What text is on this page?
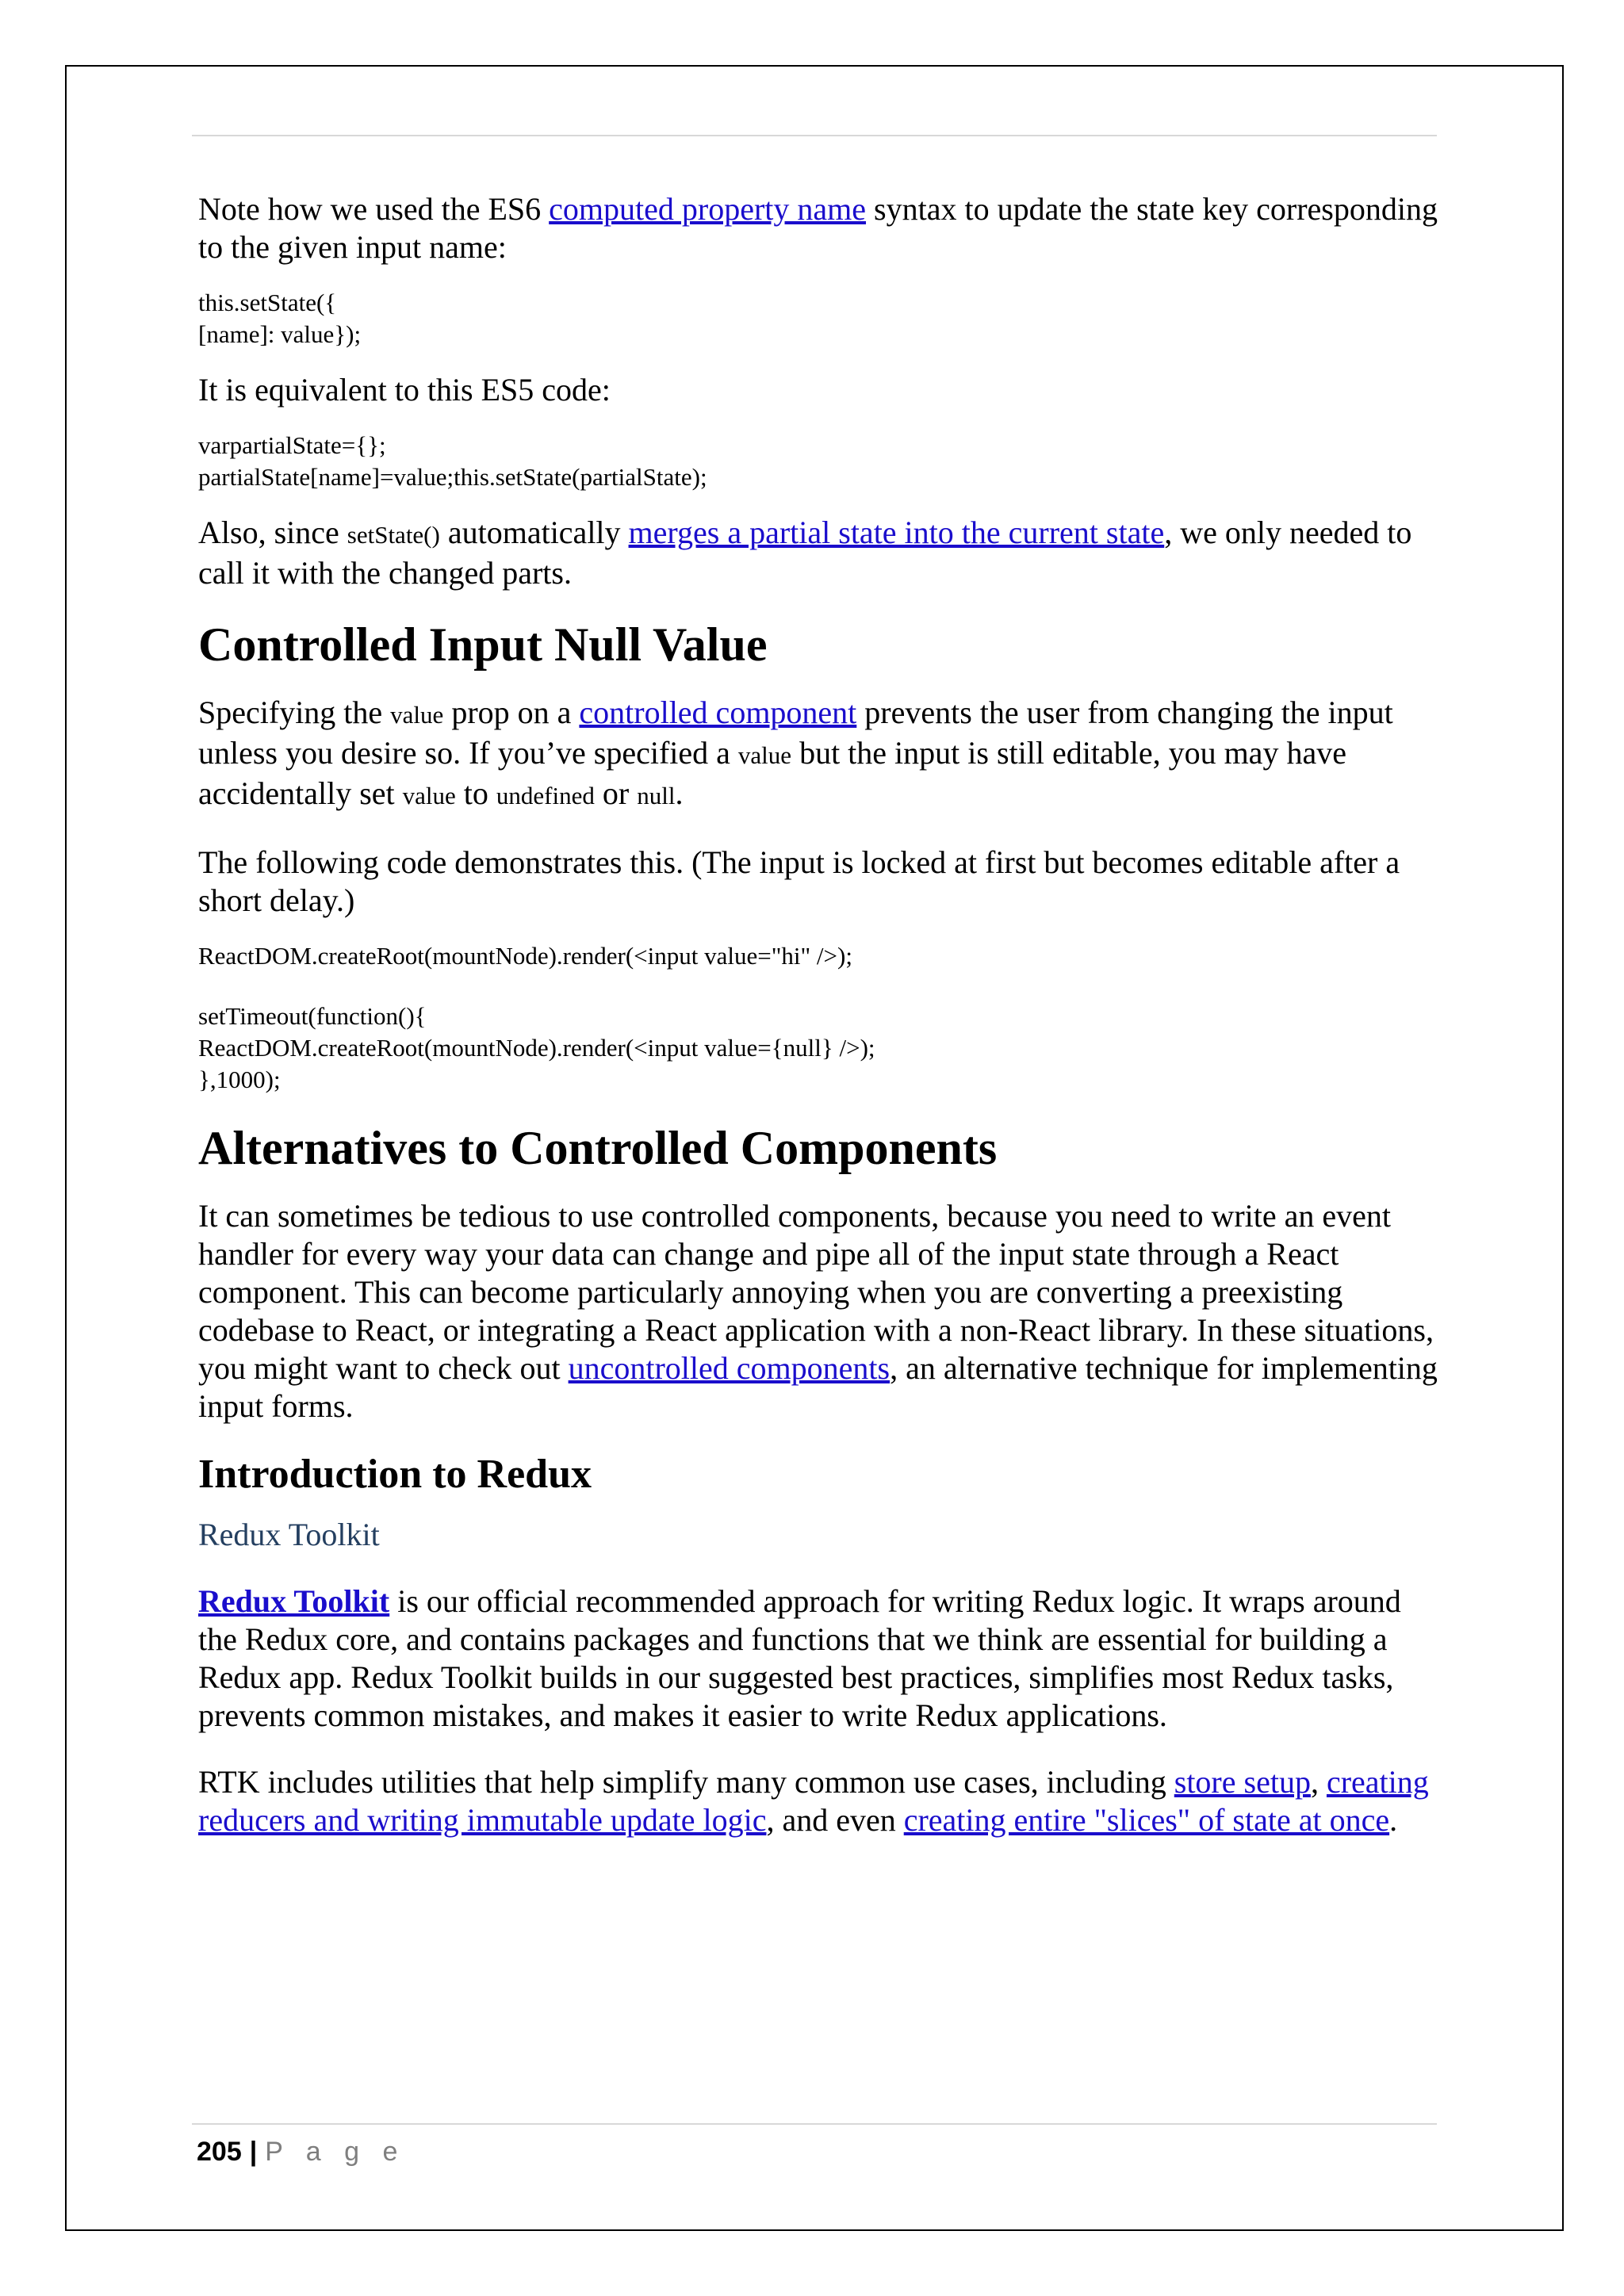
Note how we used the ES6 computed property name syntax to update the state key corresponding to the given input name:

this.setState({
[name]: value});

It is equivalent to this ES5 code:

varpartialState={};
partialState[name]=value;this.setState(partialState);

Also, since setState() automatically merges a partial state into the current state, we only needed to call it with the changed parts.

Controlled Input Null Value

Specifying the value prop on a controlled component prevents the user from changing the input unless you desire so. If you’ve specified a value but the input is still editable, you may have accidentally set value to undefined or null.

The following code demonstrates this. (The input is locked at first but becomes editable after a short delay.)

ReactDOM.createRoot(mountNode).render(<input value="hi" />);
setTimeout(function(){
ReactDOM.createRoot(mountNode).render(<input value={null} />);
},1000);
Alternatives to Controlled Components

It can sometimes be tedious to use controlled components, because you need to write an event handler for every way your data can change and pipe all of the input state through a React component. This can become particularly annoying when you are converting a preexisting codebase to React, or integrating a React application with a non-React library. In these situations, you might want to check out uncontrolled components, an alternative technique for implementing input forms.

Introduction to Redux
Redux Toolkit

Redux Toolkit is our official recommended approach for writing Redux logic. It wraps around the Redux core, and contains packages and functions that we think are essential for building a Redux app. Redux Toolkit builds in our suggested best practices, simplifies most Redux tasks, prevents common mistakes, and makes it easier to write Redux applications.

RTK includes utilities that help simplify many common use cases, including store setup, creating reducers and writing immutable update logic, and even creating entire "slices" of state at once.

205 | P a g e
